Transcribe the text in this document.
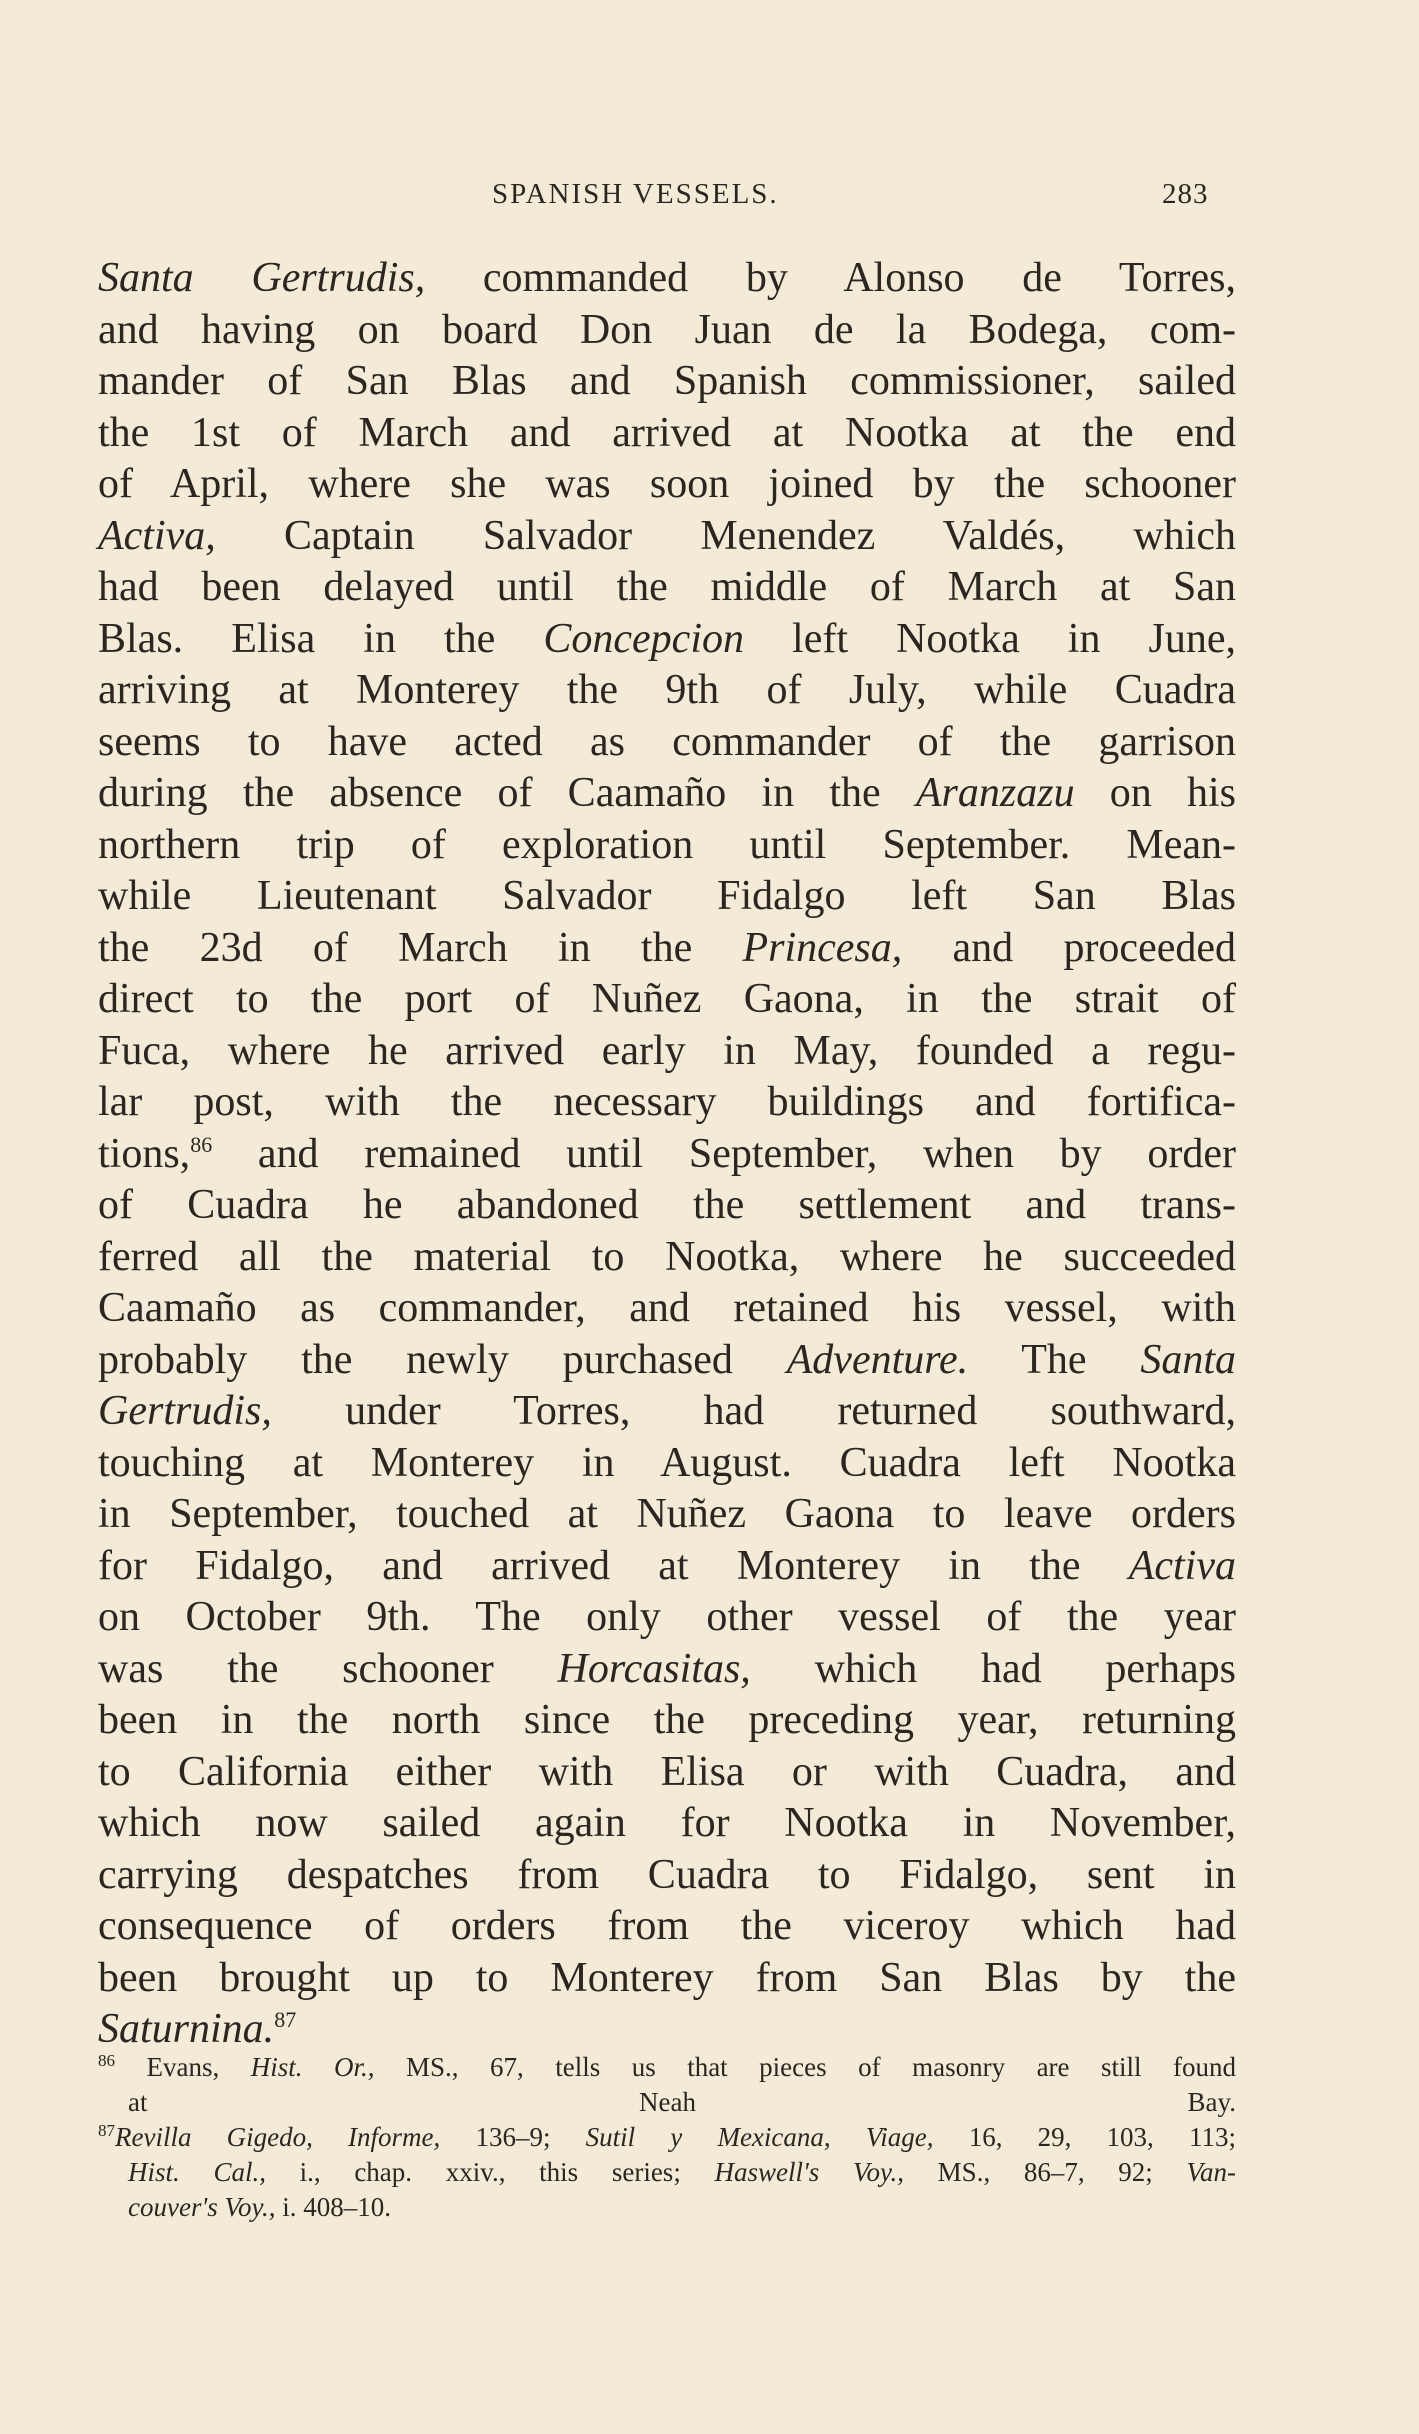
SPANISH VESSELS.	283
Santa Gertrudis, commanded by Alonso de Torres,
and having on board Don Juan de la Bodega, com-
mander of San Blas and Spanish commissioner, sailed
the 1st of March and arrived at Nootka at the end
of April, where she was soon joined by the schooner
Activa, Captain Salvador Menendez Valdés, which
had been delayed until the middle of March at San
Blas. Elisa in the Concepcion left Nootka in June,
arriving at Monterey the 9th of July, while Cuadra
seems to have acted as commander of the garrison
during the absence of Caamaño in the Aranzazu on his
northern trip of exploration until September. Mean-
while Lieutenant Salvador Fidalgo left San Blas
the 23d of March in the Princesa, and proceeded
direct to the port of Nuñez Gaona, in the strait of
Fuca, where he arrived early in May, founded a regu-
lar post, with the necessary buildings and fortifica-
tions,$^{86}$ and remained until September, when by order
of Cuadra he abandoned the settlement and trans-
ferred all the material to Nootka, where he succeeded
Caamaño as commander, and retained his vessel, with
probably the newly purchased Adventure. The Santa
Gertrudis, under Torres, had returned southward,
touching at Monterey in August. Cuadra left Nootka
in September, touched at Nuñez Gaona to leave orders
for Fidalgo, and arrived at Monterey in the Activa
on October 9th. The only other vessel of the year
was the schooner Horcasitas, which had perhaps
been in the north since the preceding year, returning
to California either with Elisa or with Cuadra, and
which now sailed again for Nootka in November,
carrying despatches from Cuadra to Fidalgo, sent in
consequence of orders from the viceroy which had
been brought up to Monterey from San Blas by the
Saturnina.$^{87}$
$^{86}$ Evans, Hist. Or., MS., 67, tells us that pieces of masonry are still found
at Neah Bay.
$^{87}$Revilla Gigedo, Informe, 136–9; Sutil y Mexicana, Viage, 16, 29, 103, 113;
Hist. Cal., i., chap. xxiv., this series; Haswell's Voy., MS., 86–7, 92; Van-
couver's Voy., i. 408–10.
